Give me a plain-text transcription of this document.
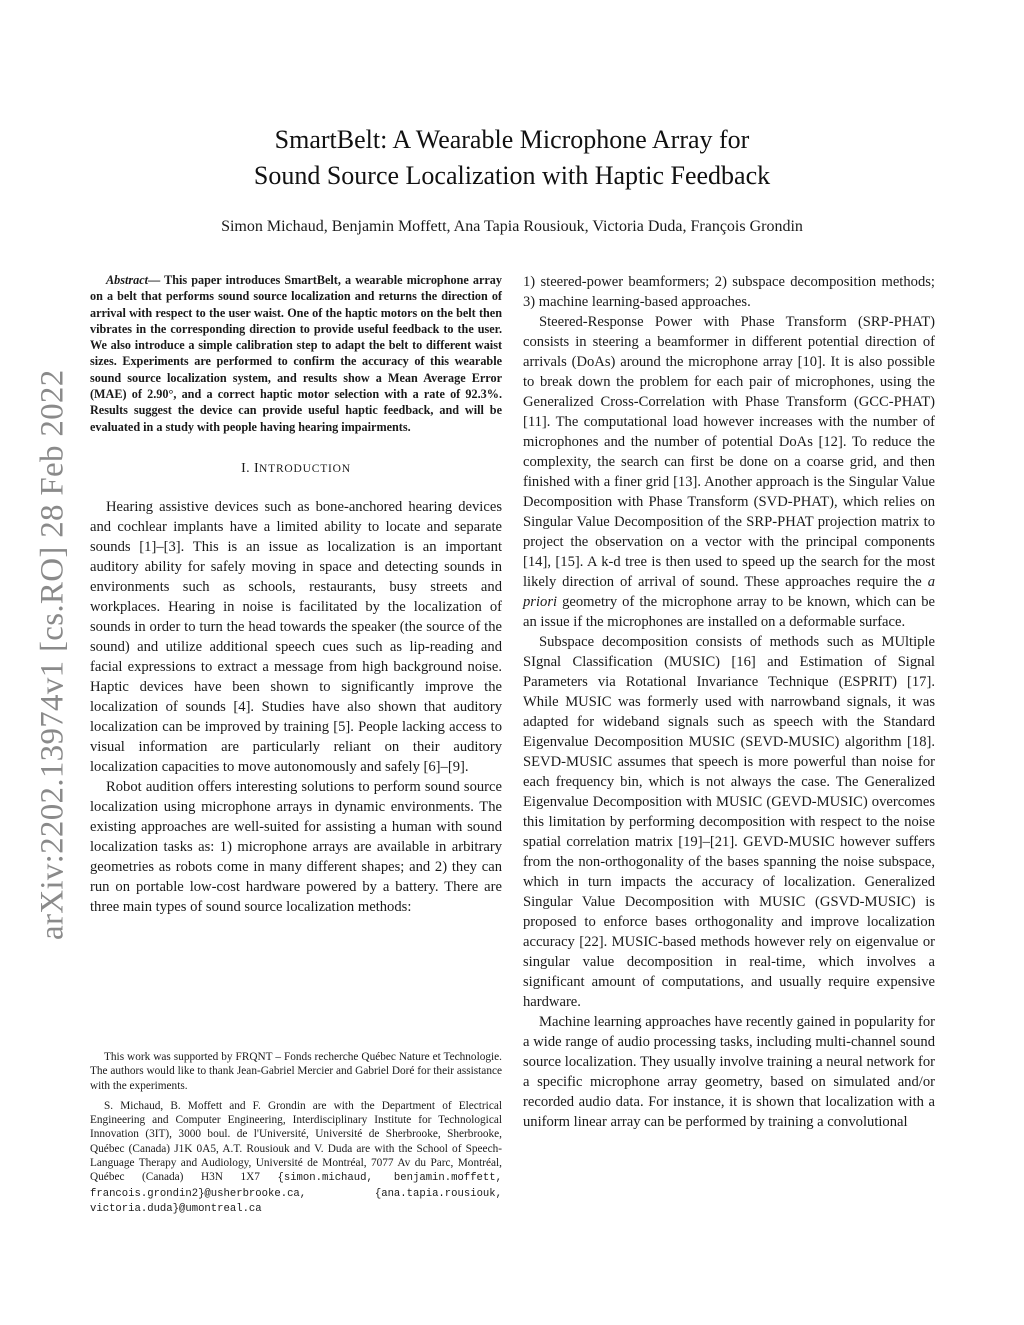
arXiv:2202.13974v1 [cs.RO] 28 Feb 2022
SmartBelt: A Wearable Microphone Array for
Sound Source Localization with Haptic Feedback
Simon Michaud, Benjamin Moffett, Ana Tapia Rousiouk, Victoria Duda, François Grondin

Abstract— This paper introduces SmartBelt, a wearable microphone array on a belt that performs sound source localization and returns the direction of arrival with respect to the user waist. One of the haptic motors on the belt then vibrates in the corresponding direction to provide useful feedback to the user. We also introduce a simple calibration step to adapt the belt to different waist sizes. Experiments are performed to confirm the accuracy of this wearable sound source localization system, and results show a Mean Average Error (MAE) of 2.90°, and a correct haptic motor selection with a rate of 92.3%. Results suggest the device can provide useful haptic feedback, and will be evaluated in a study with people having hearing impairments.

I. INTRODUCTION

Hearing assistive devices such as bone-anchored hearing devices and cochlear implants have a limited ability to locate and separate sounds [1]–[3]. This is an issue as localization is an important auditory ability for safely moving in space and detecting sounds in environments such as schools, restaurants, busy streets and workplaces. Hearing in noise is facilitated by the localization of sounds in order to turn the head towards the speaker (the source of the sound) and utilize additional speech cues such as lip-reading and facial expressions to extract a message from high background noise. Haptic devices have been shown to significantly improve the localization of sounds [4]. Studies have also shown that auditory localization can be improved by training [5]. People lacking access to visual information are particularly reliant on their auditory localization capacities to move autonomously and safely [6]–[9].

Robot audition offers interesting solutions to perform sound source localization using microphone arrays in dynamic environments. The existing approaches are well-suited for assisting a human with sound localization tasks as: 1) microphone arrays are available in arbitrary geometries as robots come in many different shapes; and 2) they can run on portable low-cost hardware powered by a battery. There are three main types of sound source localization methods:

This work was supported by FRQNT – Fonds recherche Québec Nature et Technologie. The authors would like to thank Jean-Gabriel Mercier and Gabriel Doré for their assistance with the experiments.

S. Michaud, B. Moffett and F. Grondin are with the Department of Electrical Engineering and Computer Engineering, Interdisciplinary Institute for Technological Innovation (3IT), 3000 boul. de l'Université, Université de Sherbrooke, Sherbrooke, Québec (Canada) J1K 0A5, A.T. Rousiouk and V. Duda are with the School of Speech-Language Therapy and Audiology, Université de Montréal, 7077 Av du Parc, Montréal, Québec (Canada) H3N 1X7 {simon.michaud, benjamin.moffett, francois.grondin2}@usherbrooke.ca, {ana.tapia.rousiouk, victoria.duda}@umontreal.ca

1) steered-power beamformers; 2) subspace decomposition methods; 3) machine learning-based approaches.

Steered-Response Power with Phase Transform (SRP-PHAT) consists in steering a beamformer in different potential direction of arrivals (DoAs) around the microphone array [10]. It is also possible to break down the problem for each pair of microphones, using the Generalized Cross-Correlation with Phase Transform (GCC-PHAT) [11]. The computational load however increases with the number of microphones and the number of potential DoAs [12]. To reduce the complexity, the search can first be done on a coarse grid, and then finished with a finer grid [13]. Another approach is the Singular Value Decomposition with Phase Transform (SVD-PHAT), which relies on Singular Value Decomposition of the SRP-PHAT projection matrix to project the observation on a vector with the principal components [14], [15]. A k-d tree is then used to speed up the search for the most likely direction of arrival of sound. These approaches require the a priori geometry of the microphone array to be known, which can be an issue if the microphones are installed on a deformable surface.

Subspace decomposition consists of methods such as MUltiple SIgnal Classification (MUSIC) [16] and Estimation of Signal Parameters via Rotational Invariance Technique (ESPRIT) [17]. While MUSIC was formerly used with narrowband signals, it was adapted for wideband signals such as speech with the Standard Eigenvalue Decomposition MUSIC (SEVD-MUSIC) algorithm [18]. SEVD-MUSIC assumes that speech is more powerful than noise for each frequency bin, which is not always the case. The Generalized Eigenvalue Decomposition with MUSIC (GEVD-MUSIC) overcomes this limitation by performing decomposition with respect to the noise spatial correlation matrix [19]–[21]. GEVD-MUSIC however suffers from the non-orthogonality of the bases spanning the noise subspace, which in turn impacts the accuracy of localization. Generalized Singular Value Decomposition with MUSIC (GSVD-MUSIC) is proposed to enforce bases orthogonality and improve localization accuracy [22]. MUSIC-based methods however rely on eigenvalue or singular value decomposition in real-time, which involves a significant amount of computations, and usually require expensive hardware.

Machine learning approaches have recently gained in popularity for a wide range of audio processing tasks, including multi-channel sound source localization. They usually involve training a neural network for a specific microphone array geometry, based on simulated and/or recorded audio data. For instance, it is shown that localization with a uniform linear array can be performed by training a convolutional
